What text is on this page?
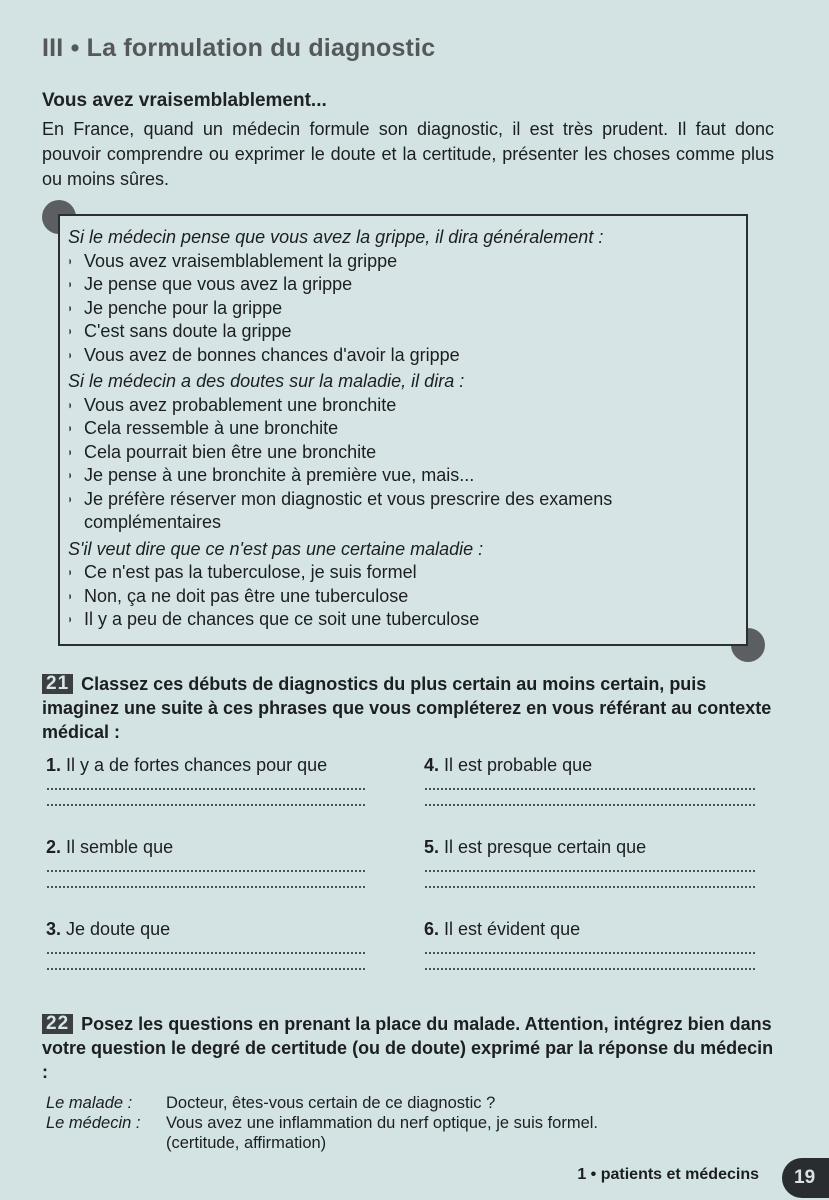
III • La formulation du diagnostic
Vous avez vraisemblablement...
En France, quand un médecin formule son diagnostic, il est très prudent. Il faut donc pouvoir comprendre ou exprimer le doute et la certitude, présenter les choses comme plus ou moins sûres.
Si le médecin pense que vous avez la grippe, il dira généralement :
◗ Vous avez vraisemblablement la grippe
◗ Je pense que vous avez la grippe
◗ Je penche pour la grippe
◗ C'est sans doute la grippe
◗ Vous avez de bonnes chances d'avoir la grippe
Si le médecin a des doutes sur la maladie, il dira :
◗ Vous avez probablement une bronchite
◗ Cela ressemble à une bronchite
◗ Cela pourrait bien être une bronchite
◗ Je pense à une bronchite à première vue, mais...
◗ Je préfère réserver mon diagnostic et vous prescrire des examens complémentaires
S'il veut dire que ce n'est pas une certaine maladie :
◗ Ce n'est pas la tuberculose, je suis formel
◗ Non, ça ne doit pas être une tuberculose
◗ Il y a peu de chances que ce soit une tuberculose
21 Classez ces débuts de diagnostics du plus certain au moins certain, puis imaginez une suite à ces phrases que vous compléterez en vous référant au contexte médical :
1. Il y a de fortes chances pour que
2. Il semble que
3. Je doute que
4. Il est probable que
5. Il est presque certain que
6. Il est évident que
22 Posez les questions en prenant la place du malade. Attention, intégrez bien dans votre question le degré de certitude (ou de doute) exprimé par la réponse du médecin :
Le malade :	Docteur, êtes-vous certain de ce diagnostic ?
Le médecin :	Vous avez une inflammation du nerf optique, je suis formel.
(certitude, affirmation)
1 • patients et médecins 19
